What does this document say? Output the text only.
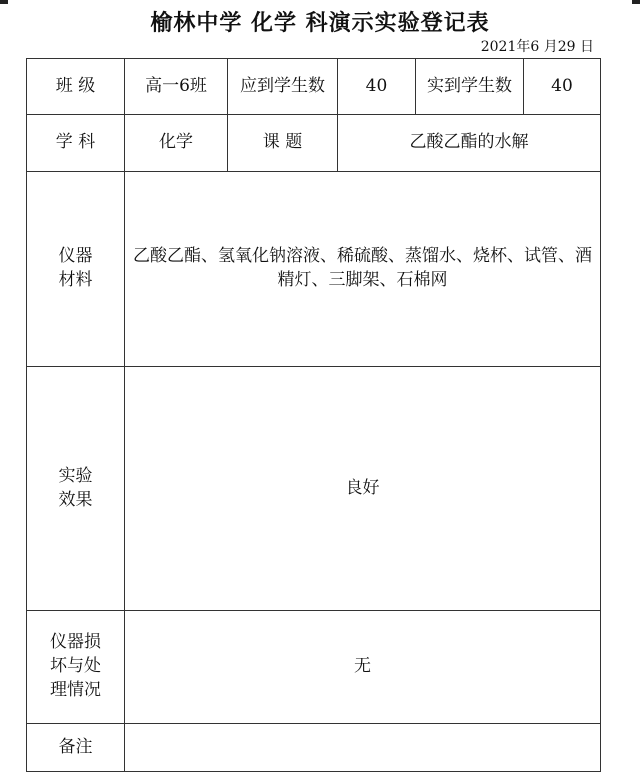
榆林中学 化学 科演示实验登记表
2021年6 月29 日
班 级	高一6班	应到学生数	40	实到学生数	40
学 科	化学	课 题	乙酸乙酯的水解		
仪器材料	乙酸乙酯、氢氧化钠溶液、稀硫酸、蒸馏水、烧杯、试管、酒精灯、三脚架、石棉网				
实验效果	良好				
仪器损坏与处理情况	无				
备注					
